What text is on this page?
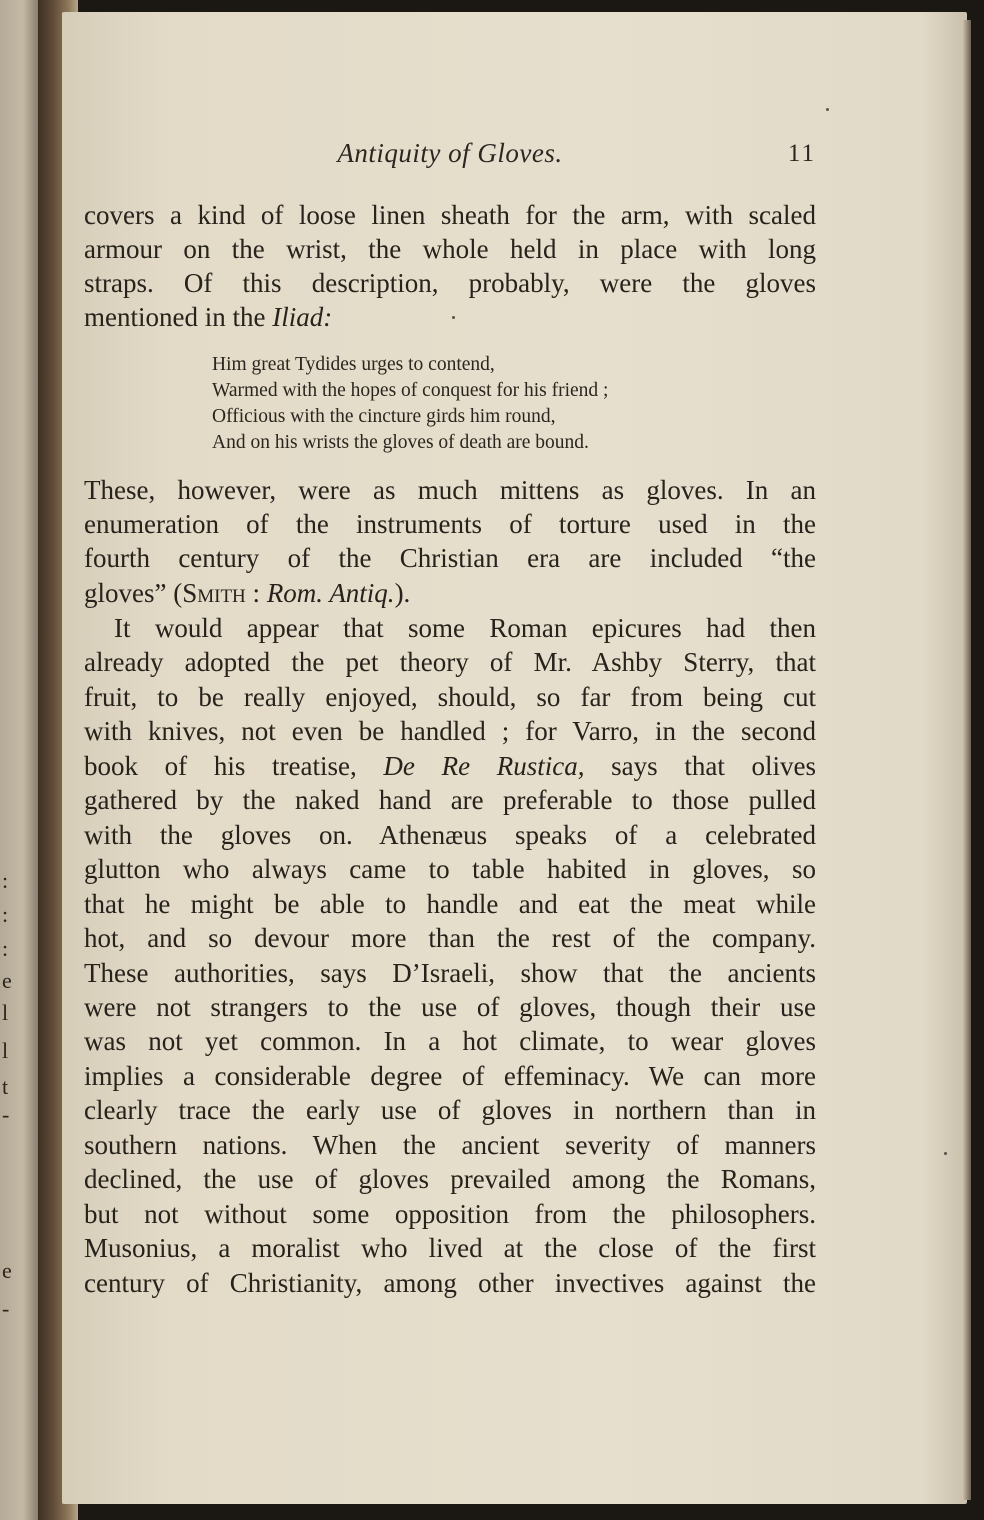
:
:
:
e
l
l
t
-
e
-
Antiquity of Gloves.	11
covers a kind of loose linen sheath for the arm, with scaled
armour on the wrist, the whole held in place with long
straps. Of this description, probably, were the gloves
mentioned in the Iliad:
Him great Tydides urges to contend,
Warmed with the hopes of conquest for his friend ;
Officious with the cincture girds him round,
And on his wrists the gloves of death are bound.
These, however, were as much mittens as gloves. In an
enumeration of the instruments of torture used in the
fourth century of the Christian era are included “the
gloves” (Smith : Rom. Antiq.).
It would appear that some Roman epicures had then
already adopted the pet theory of Mr. Ashby Sterry, that
fruit, to be really enjoyed, should, so far from being cut
with knives, not even be handled ; for Varro, in the second
book of his treatise, De Re Rustica, says that olives
gathered by the naked hand are preferable to those pulled
with the gloves on. Athenæus speaks of a celebrated
glutton who always came to table habited in gloves, so
that he might be able to handle and eat the meat while
hot, and so devour more than the rest of the company.
These authorities, says D’Israeli, show that the ancients
were not strangers to the use of gloves, though their use
was not yet common. In a hot climate, to wear gloves
implies a considerable degree of effeminacy. We can more
clearly trace the early use of gloves in northern than in
southern nations. When the ancient severity of manners
declined, the use of gloves prevailed among the Romans,
but not without some opposition from the philosophers.
Musonius, a moralist who lived at the close of the first
century of Christianity, among other invectives against the
